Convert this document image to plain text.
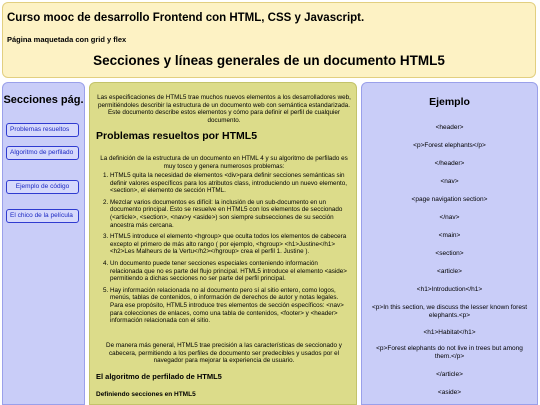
Curso mooc de desarrollo Frontend con HTML, CSS y Javascript.
Página maquetada con grid y flex
Secciones y líneas generales de un documento HTML5
Secciones pág.
Problemas resueltos
Algoritmo de perfilado
Ejemplo de código
El chico de la película
Las especificaciones de HTML5 trae muchos nuevos elementos a los desarrolladores web, permitiéndoles describir la estructura de un documento web con semántica estandarizada. Este documento describe estos elementos y cómo para definir el perfil de cualquier documento.
Problemas resueltos por HTML5
La definición de la estructura de un documento en HTML 4 y su algoritmo de perfilado es muy tosco y genera numerosos problemas:
1. HTML5 quita la necesidad de elementos <div>para definir secciones semánticas sin definir valores específicos para los atributos class, introduciendo un nuevo elemento, <section>, el elemento de sección HTML.
2. Mezclar varios documentos es difícil: la inclusión de un sub-documento en un documento principal. Esto se resuelve en HTML5 con los elementos de seccionado (<article>, <section>, <nav>y <aside>) son siempre subsecciones de su sección ancestra más cercana.
3. HTML5 introduce el elemento <hgroup> que oculta todos los elementos de cabecera excepto el primero de más alto rango ( por ejemplo, <hgroup> <h1>Justine</h1> <h2>Les Malheurs de la Vertu</h2></hgroup> crea el perfil 1. Justine ).
4. Un documento puede tener secciones especiales conteniendo información relacionada que no es parte del flujo principal. HTML5 introduce el elemento <aside> permitiendo a dichas secciones no ser parte del perfil principal.
5. Hay información relacionada no al documento pero sí al sitio entero, como logos, menús, tablas de contenidos, o información de derechos de autor y notas legales. Para ese propósito, HTML5 introduce tres elementos de sección específicos: <nav> para colecciones de enlaces, como una tabla de contenidos, <footer> y <header> información relacionada con el sitio.
De manera más general, HTML5 trae precisión a las características de seccionado y cabecera, permitiendo a los perfiles de documento ser predecibles y usados por el navegador para mejorar la experiencia de usuario.
El algoritmo de perfilado de HTML5
Definiendo secciones en HTML5
Ejemplo
<header>
<p>Forest elephants</p>
</header>
<nav>
<page navigation section>
</nav>
<main>
<section>
<article>
<h1>Introduction</h1>
<p>In this section, we discuss the lesser known forest elephants.<p>
<h1>Habitat</h1>
<p>Forest elephants do not live in trees but among them.</p>
</article>
<aside>
